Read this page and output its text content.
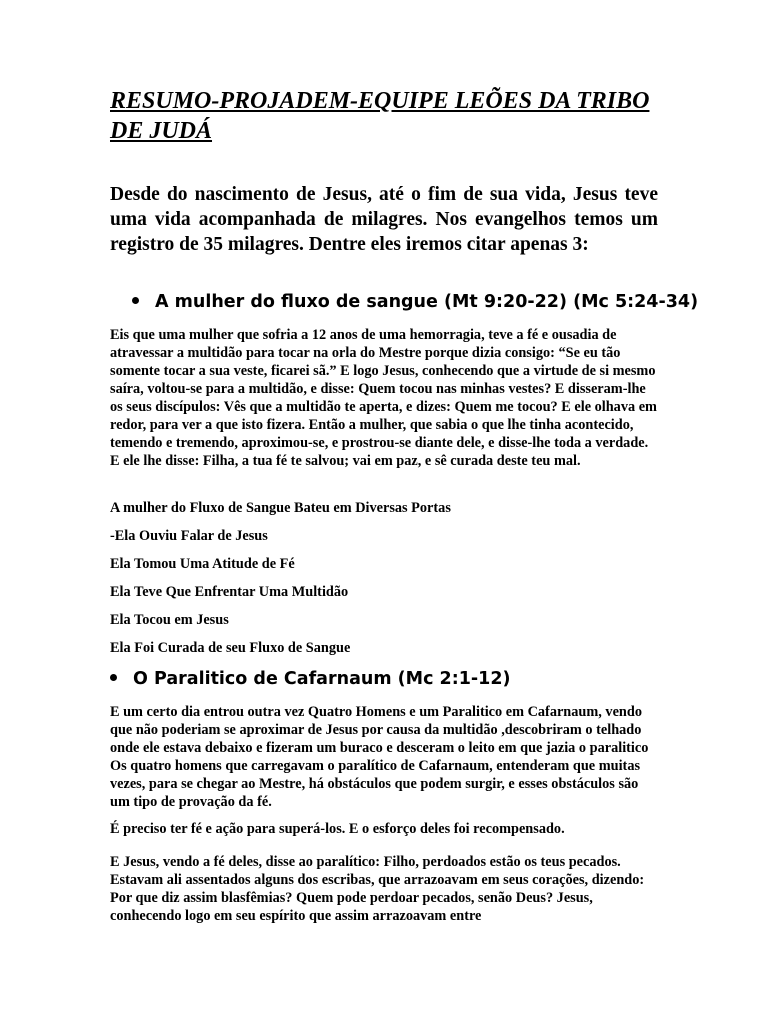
RESUMO-PROJADEM-EQUIPE LEÕES DA TRIBO DE JUDÁ

Desde do nascimento de Jesus, até o fim de sua vida, Jesus teve uma vida acompanhada de milagres. Nos evangelhos temos um registro de 35 milagres. Dentre eles iremos citar apenas 3:

A mulher do fluxo de sangue (Mt 9:20-22) (Mc 5:24-34)

Eis que uma mulher que sofria a 12 anos de uma hemorragia, teve a fé e ousadia de atravessar a multidão para tocar na orla do Mestre porque dizia consigo: “Se eu tão somente tocar a sua veste, ficarei sã.” E logo Jesus, conhecendo que a virtude de si mesmo saíra, voltou-se para a multidão, e disse: Quem tocou nas minhas vestes? E disseram-lhe os seus discípulos: Vês que a multidão te aperta, e dizes: Quem me tocou? E ele olhava em redor, para ver a que isto fizera. Então a mulher, que sabia o que lhe tinha acontecido, temendo e tremendo, aproximou-se, e prostrou-se diante dele, e disse-lhe toda a verdade. E ele lhe disse: Filha, a tua fé te salvou; vai em paz, e sê curada deste teu mal.

A mulher do Fluxo de Sangue Bateu em Diversas Portas

-Ela Ouviu Falar de Jesus

Ela Tomou Uma Atitude de Fé

Ela Teve Que Enfrentar Uma Multidão

Ela Tocou em Jesus

Ela Foi Curada de seu Fluxo de Sangue

O Paralitico de Cafarnaum (Mc 2:1-12)

E um certo dia entrou outra vez Quatro Homens e um Paralitico em Cafarnaum, vendo que não poderiam se aproximar de Jesus por causa da multidão ,descobriram o telhado onde ele estava debaixo e fizeram um buraco e desceram o leito em que jazia o paralitico Os quatro homens que carregavam o paralítico de Cafarnaum, entenderam que muitas vezes, para se chegar ao Mestre, há obstáculos que podem surgir, e esses obstáculos são um tipo de provação da fé.

É preciso ter fé e ação para superá-los. E o esforço deles foi recompensado.

E Jesus, vendo a fé deles, disse ao paralítico: Filho, perdoados estão os teus pecados. Estavam ali assentados alguns dos escribas, que arrazoavam em seus corações, dizendo: Por que diz assim blasfêmias? Quem pode perdoar pecados, senão Deus? Jesus, conhecendo logo em seu espírito que assim arrazoavam entre
